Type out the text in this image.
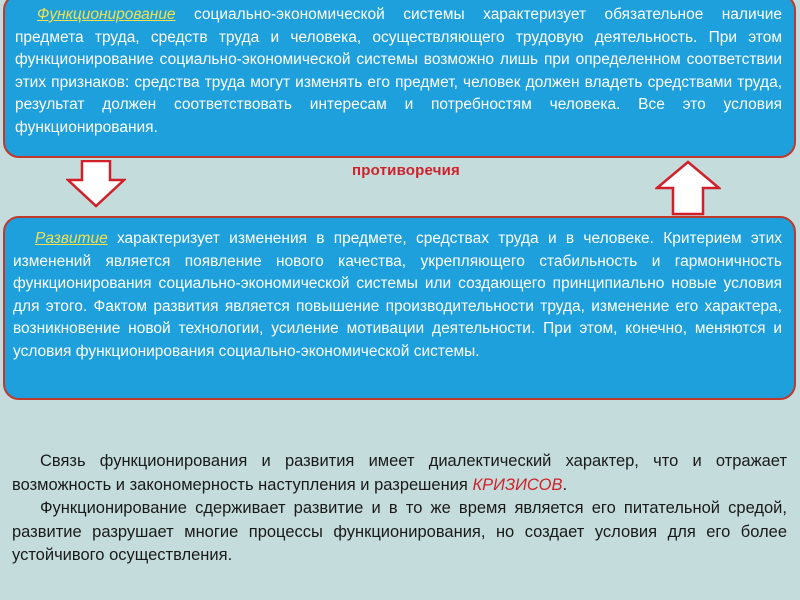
Функционирование социально-экономической системы характеризует обязательное наличие предмета труда, средств труда и человека, осуществляющего трудовую деятельность. При этом функционирование социально-экономической системы возможно лишь при определенном соответствии этих признаков: средства труда могут изменять его предмет, человек должен владеть средствами труда, результат должен соответствовать интересам и потребностям человека. Все это условия функционирования.
противоречия
Развитие характеризует изменения в предмете, средствах труда и в человеке. Критерием этих изменений является появление нового качества, укрепляющего стабильность и гармоничность функционирования социально-экономической системы или создающего принципиально новые условия для этого. Фактом развития является повышение производительности труда, изменение его характера, возникновение новой технологии, усиление мотивации деятельности. При этом, конечно, меняются и условия функционирования социально-экономической системы.

Связь функционирования и развития имеет диалектический характер, что и отражает возможность и закономерность наступления и разрешения КРИЗИСОВ.

Функционирование сдерживает развитие и в то же время является его питательной средой, развитие разрушает многие процессы функционирования, но создает условия для его более устойчивого осуществления.
